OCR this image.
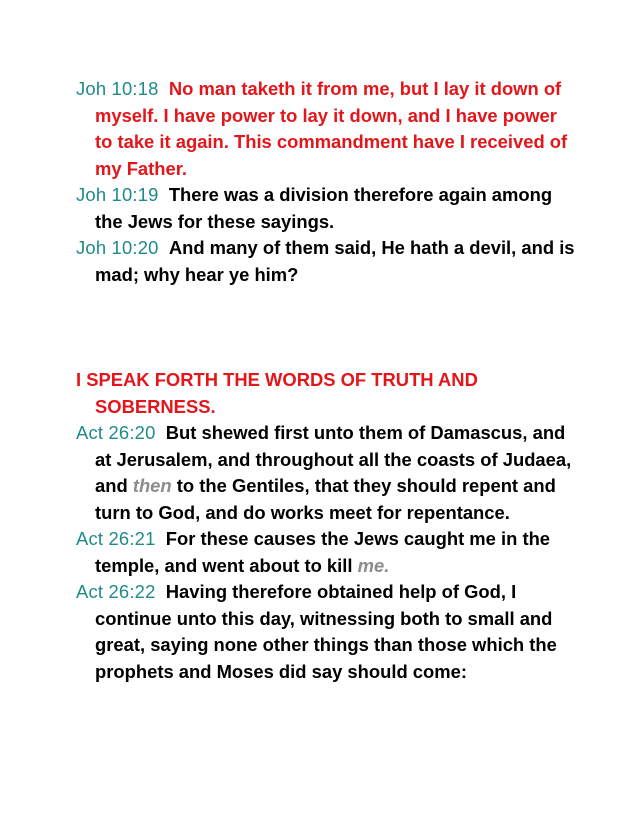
Joh 10:18 No man taketh it from me, but I lay it down of myself. I have power to lay it down, and I have power to take it again. This commandment have I received of my Father.

Joh 10:19 There was a division therefore again among the Jews for these sayings.

Joh 10:20 And many of them said, He hath a devil, and is mad; why hear ye him?

I SPEAK FORTH THE WORDS OF TRUTH AND SOBERNESS.

Act 26:20 But shewed first unto them of Damascus, and at Jerusalem, and throughout all the coasts of Judaea, and then to the Gentiles, that they should repent and turn to God, and do works meet for repentance.

Act 26:21 For these causes the Jews caught me in the temple, and went about to kill me.

Act 26:22 Having therefore obtained help of God, I continue unto this day, witnessing both to small and great, saying none other things than those which the prophets and Moses did say should come:
